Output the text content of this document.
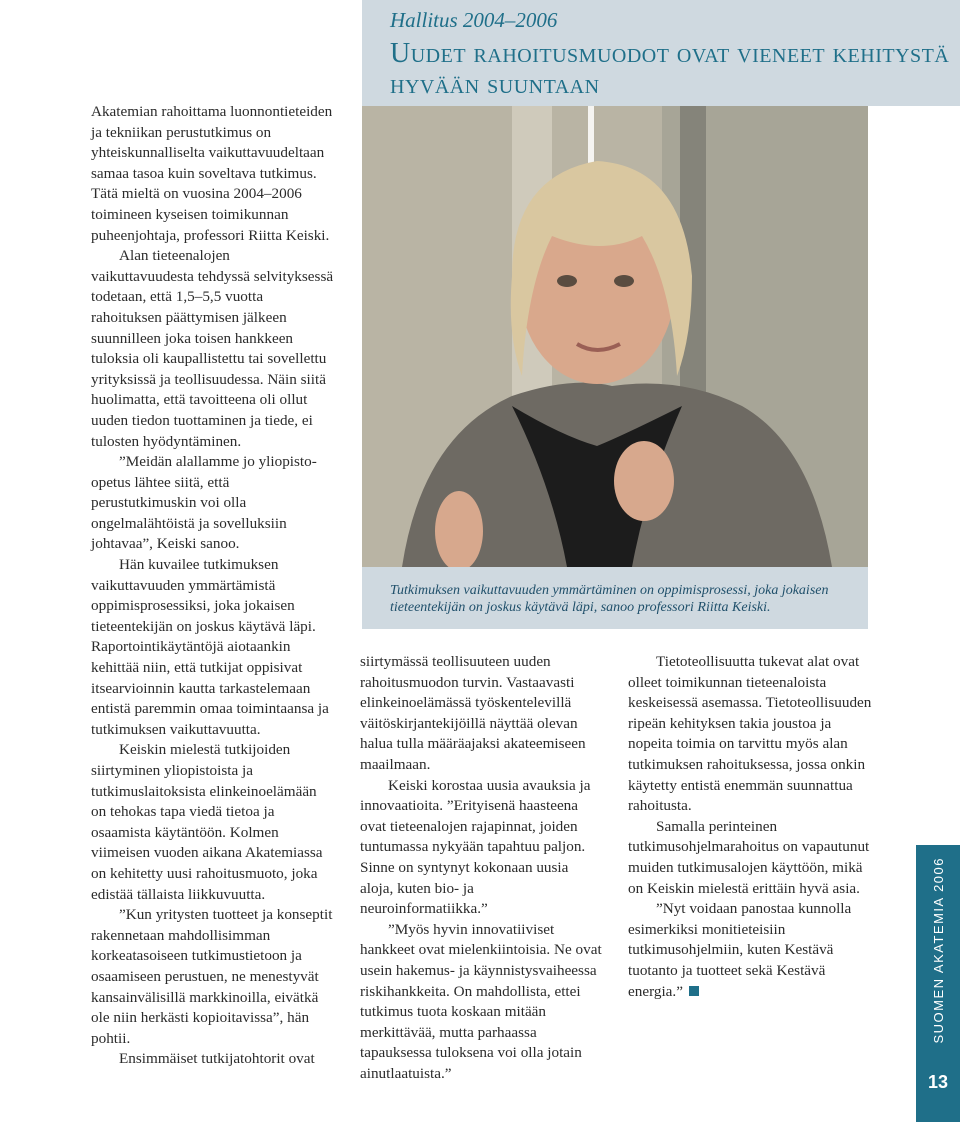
Hallitus 2004–2006
Uudet rahoitusmuodot ovat vieneet kehitystä hyvään suuntaan
Tutkimuksen vaikuttavuuden ymmärtäminen on oppimisprosessi, joka jokaisen tieteentekijän on joskus käytävä läpi, sanoo professori Riitta Keiski.

Akatemian rahoittama luonnontieteiden ja tekniikan perustutkimus on yhteiskunnalliselta vaikuttavuudeltaan samaa tasoa kuin soveltava tutkimus. Tätä mieltä on vuosina 2004–2006 toimineen kyseisen toimikunnan puheenjohtaja, professori Riitta Keiski.

Alan tieteenalojen vaikuttavuudesta tehdyssä selvityksessä todetaan, että 1,5–5,5 vuotta rahoituksen päättymisen jälkeen suunnilleen joka toisen hankkeen tuloksia oli kaupallistettu tai sovellettu yrityksissä ja teollisuudessa. Näin siitä huolimatta, että tavoitteena oli ollut uuden tiedon tuottaminen ja tiede, ei tulosten hyödyntäminen.

”Meidän alallamme jo yliopisto-opetus lähtee siitä, että perustutkimuskin voi olla ongelmalähtöistä ja sovelluksiin johtavaa”, Keiski sanoo.

Hän kuvailee tutkimuksen vaikuttavuuden ymmärtämistä oppimisprosessiksi, joka jokaisen tieteentekijän on joskus käytävä läpi. Raportointikäytäntöjä aiotaankin kehittää niin, että tutkijat oppisivat itsearvioinnin kautta tarkastelemaan entistä paremmin omaa toimintaansa ja tutkimuksen vaikuttavuutta.

Keiskin mielestä tutkijoiden siirtyminen yliopistoista ja tutkimuslaitoksista elinkeinoelämään on tehokas tapa viedä tietoa ja osaamista käytäntöön. Kolmen viimeisen vuoden aikana Akatemiassa on kehitetty uusi rahoitusmuoto, joka edistää tällaista liikkuvuutta.

”Kun yritysten tuotteet ja konseptit rakennetaan mahdollisimman korkeatasoiseen tutkimustietoon ja osaamiseen perustuen, ne menestyvät kansainvälisillä markkinoilla, eivätkä ole niin herkästi kopioitavissa”, hän pohtii.

Ensimmäiset tutkijatohtorit ovat

siirtymässä teollisuuteen uuden rahoitusmuodon turvin. Vastaavasti elinkeinoelämässä työskentelevillä väitöskirjantekijöillä näyttää olevan halua tulla määräajaksi akateemiseen maailmaan.

Keiski korostaa uusia avauksia ja innovaatioita. ”Erityisenä haasteena ovat tieteenalojen rajapinnat, joiden tuntumassa nykyään tapahtuu paljon. Sinne on syntynyt kokonaan uusia aloja, kuten bio- ja neuroinformatiikka.”

”Myös hyvin innovatiiviset hankkeet ovat mielenkiintoisia. Ne ovat usein hakemus- ja käynnistysvaiheessa riskihankkeita. On mahdollista, ettei tutkimus tuota koskaan mitään merkittävää, mutta parhaassa tapauksessa tuloksena voi olla jotain ainutlaatuista.”

Tietoteollisuutta tukevat alat ovat olleet toimikunnan tieteenaloista keskeisessä asemassa. Tietoteollisuuden ripeän kehityksen takia joustoa ja nopeita toimia on tarvittu myös alan tutkimuksen rahoituksessa, jossa onkin käytetty entistä enemmän suunnattua rahoitusta.

Samalla perinteinen tutkimusohjelmarahoitus on vapautunut muiden tutkimusalojen käyttöön, mikä on Keiskin mielestä erittäin hyvä asia.

”Nyt voidaan panostaa kunnolla esimerkiksi monitieteisiin tutkimusohjelmiin, kuten Kestävä tuotanto ja tuotteet sekä Kestävä energia.”	SUOMEN AKATEMIA 2006
13
